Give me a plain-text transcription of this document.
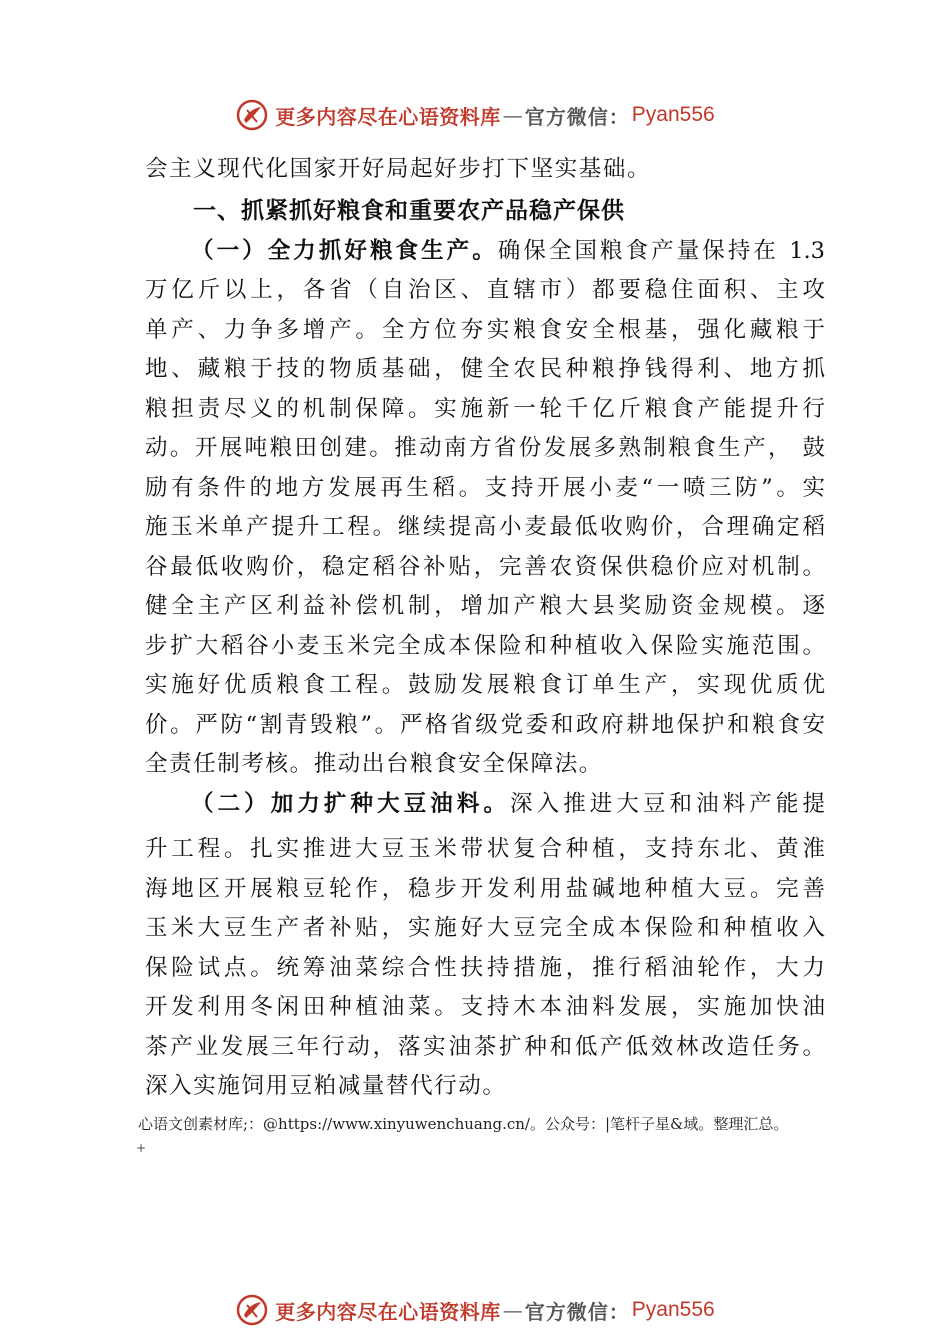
更多内容尽在心语资料库 — 官方微信： Pyan556
会主义现代化国家开好局起好步打下坚实基础。
一、抓紧抓好粮食和重要农产品稳产保供
（一）全力抓好粮食生产。确保全国粮食产量保持在 1.3
万亿斤以上，各省（自治区、直辖市）都要稳住面积、主攻
单产、力争多增产。全方位夯实粮食安全根基，强化藏粮于
地、藏粮于技的物质基础，健全农民种粮挣钱得利、地方抓
粮担责尽义的机制保障。实施新一轮千亿斤粮食产能提升行
动。开展吨粮田创建。推动南方省份发展多熟制粮食生产， 鼓
励有条件的地方发展再生稻。支持开展小麦“一喷三防”。实
施玉米单产提升工程。继续提高小麦最低收购价，合理确定稻
谷最低收购价，稳定稻谷补贴，完善农资保供稳价应对机制。
健全主产区利益补偿机制，增加产粮大县奖励资金规模。逐
步扩大稻谷小麦玉米完全成本保险和种植收入保险实施范围。
实施好优质粮食工程。鼓励发展粮食订单生产，实现优质优
价。严防“割青毁粮”。严格省级党委和政府耕地保护和粮食安
全责任制考核。推动出台粮食安全保障法。
（二）加力扩种大豆油料。深入推进大豆和油料产能提
升工程。扎实推进大豆玉米带状复合种植，支持东北、黄淮
海地区开展粮豆轮作，稳步开发利用盐碱地种植大豆。完善
玉米大豆生产者补贴，实施好大豆完全成本保险和种植收入
保险试点。统筹油菜综合性扶持措施，推行稻油轮作，大力
开发利用冬闲田种植油菜。支持木本油料发展，实施加快油
茶产业发展三年行动，落实油茶扩种和低产低效林改造任务。
深入实施饲用豆粕减量替代行动。
心语文创素材库;：@https://www.xinyuwenchuang.cn/。公众号：|笔杆子星&域。整理汇总。
+
更多内容尽在心语资料库 — 官方微信： Pyan556
